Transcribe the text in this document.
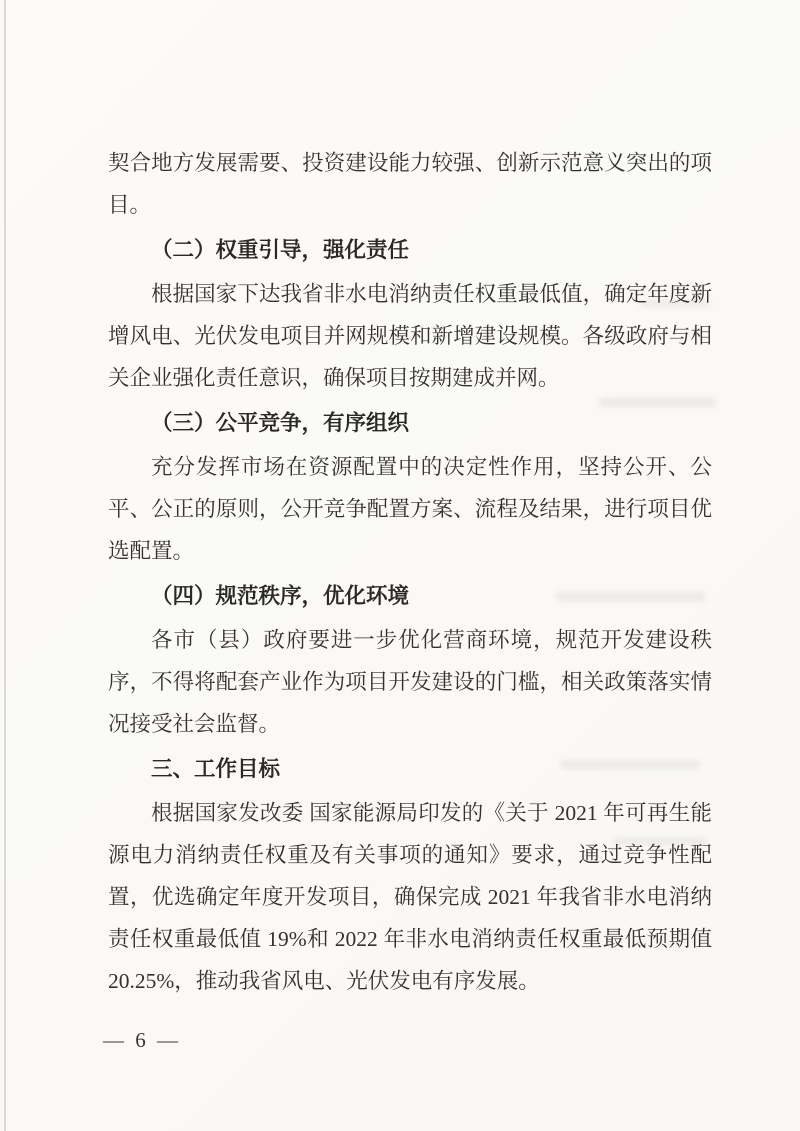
契合地方发展需要、投资建设能力较强、创新示范意义突出的项目。

（二）权重引导，强化责任

根据国家下达我省非水电消纳责任权重最低值，确定年度新增风电、光伏发电项目并网规模和新增建设规模。各级政府与相关企业强化责任意识，确保项目按期建成并网。

（三）公平竞争，有序组织

充分发挥市场在资源配置中的决定性作用，坚持公开、公平、公正的原则，公开竞争配置方案、流程及结果，进行项目优选配置。

（四）规范秩序，优化环境

各市（县）政府要进一步优化营商环境，规范开发建设秩序，不得将配套产业作为项目开发建设的门槛，相关政策落实情况接受社会监督。

三、工作目标

根据国家发改委 国家能源局印发的《关于 2021 年可再生能源电力消纳责任权重及有关事项的通知》要求，通过竞争性配置，优选确定年度开发项目，确保完成 2021 年我省非水电消纳责任权重最低值 19%和 2022 年非水电消纳责任权重最低预期值 20.25%，推动我省风电、光伏发电有序发展。

— 6 —
